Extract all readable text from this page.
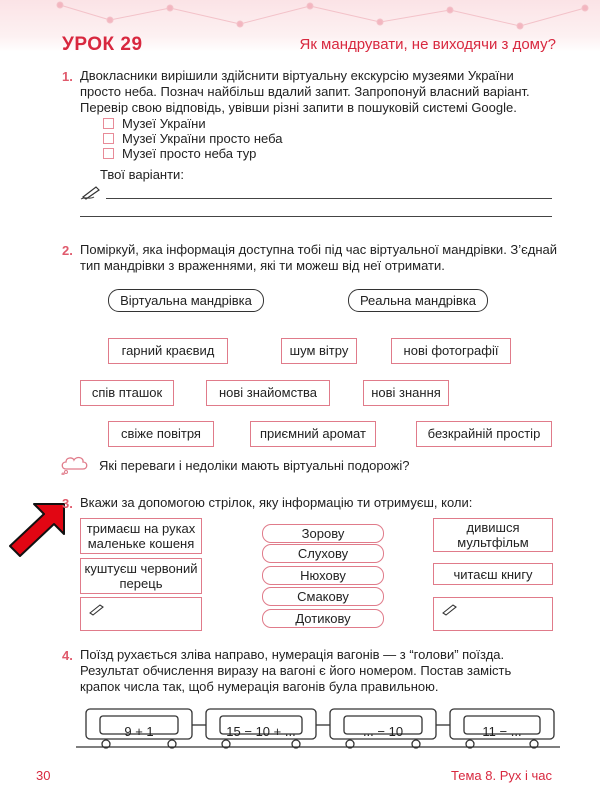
УРОК 29	Як мандрувати, не виходячи з дому?
1. Двокласники вирішили здійснити віртуальну екскурсію музеями України
просто неба. Познач найбільш вдалий запит. Запропонуй власний варіант.
Перевір свою відповідь, увівши різні запити в пошуковій системі Google.
Музеї України
Музеї України просто неба
Музеї просто неба тур
Твої варіанти:
2. Поміркуй, яка інформація доступна тобі під час віртуальної мандрівки. З’єднай
тип мандрівки з враженнями, які ти можеш від неї отримати.
Віртуальна мандрівка	Реальна мандрівка
гарний краєвид	шум вітру	нові фотографії
спів пташок	нові знайомства	нові знання
свіже повітря	приємний аромат	безкрайній простір
Які переваги і недоліки мають віртуальні подорожі?
3. Вкажи за допомогою стрілок, яку інформацію ти отримуєш, коли:
тримаєш на руках маленьке кошеня
куштуєш червоний перець
Зорову
Слухову
Нюхову
Смакову
Дотикову
дивишся мультфільм
читаєш книгу
4. Поїзд рухається зліва направо, нумерація вагонів — з “голови” поїзда.
Результат обчислення виразу на вагоні є його номером. Постав замість
крапок числа так, щоб нумерація вагонів була правильною.
9 + 1	15 − 10 + ...	... − 10	11 − ...
30	Тема 8. Рух і час
